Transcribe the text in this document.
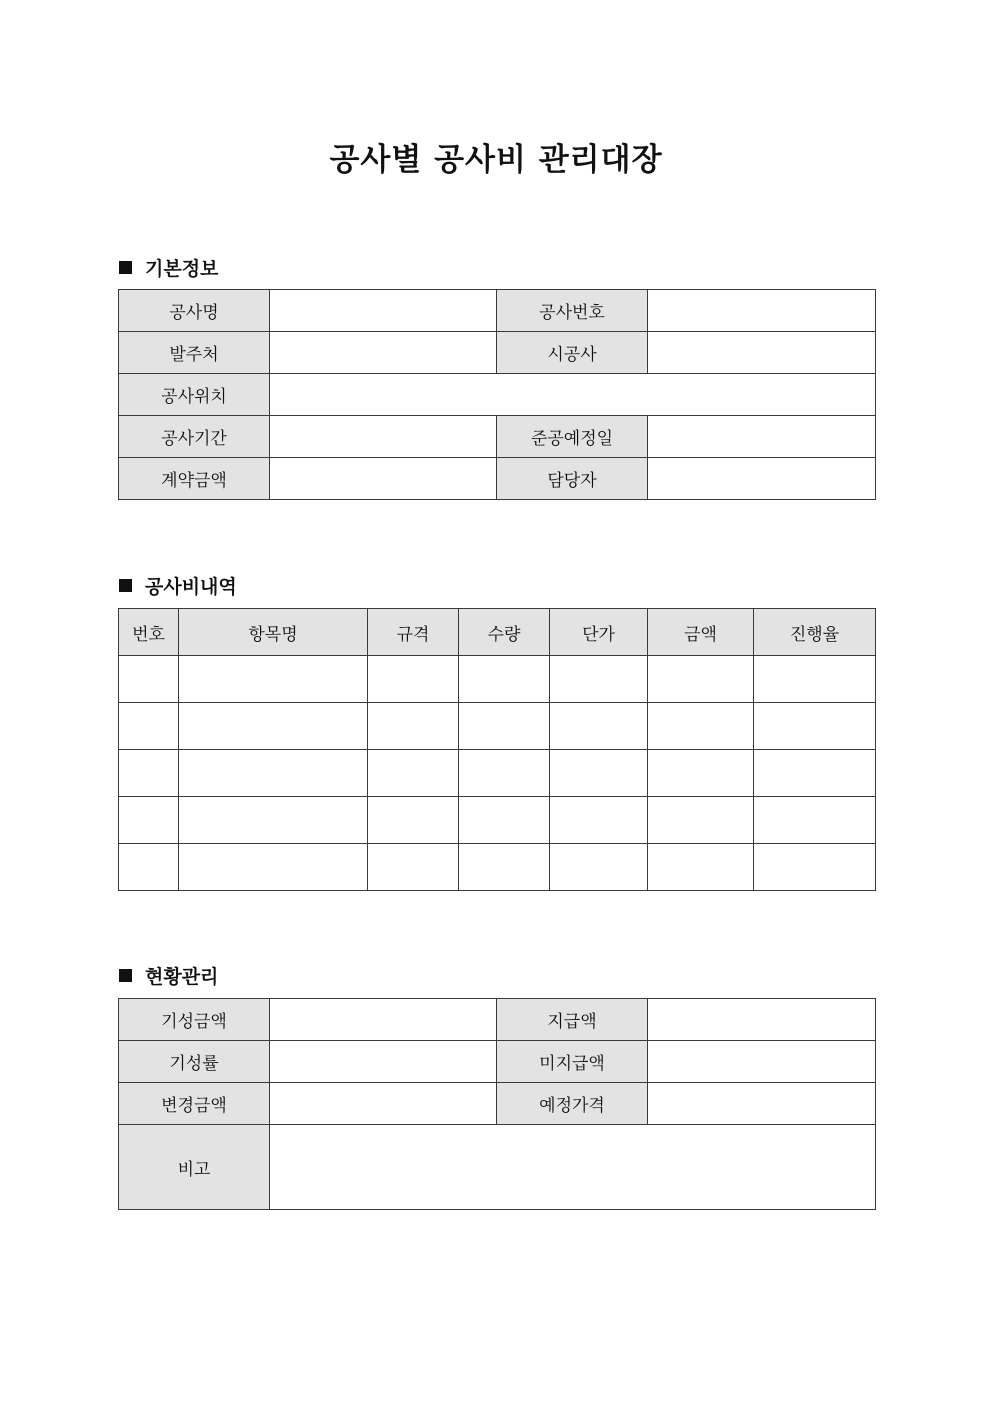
공사별 공사비 관리대장
기본정보
공사명		공사번호	
발주처		시공사	
공사위치			
공사기간		준공예정일	
계약금액		담당자	
공사비내역
번호	항목명	규격	수량	단가	금액	진행율

현황관리
기성금액		지급액	
기성률		미지급액	
변경금액		예정가격	
비고			
